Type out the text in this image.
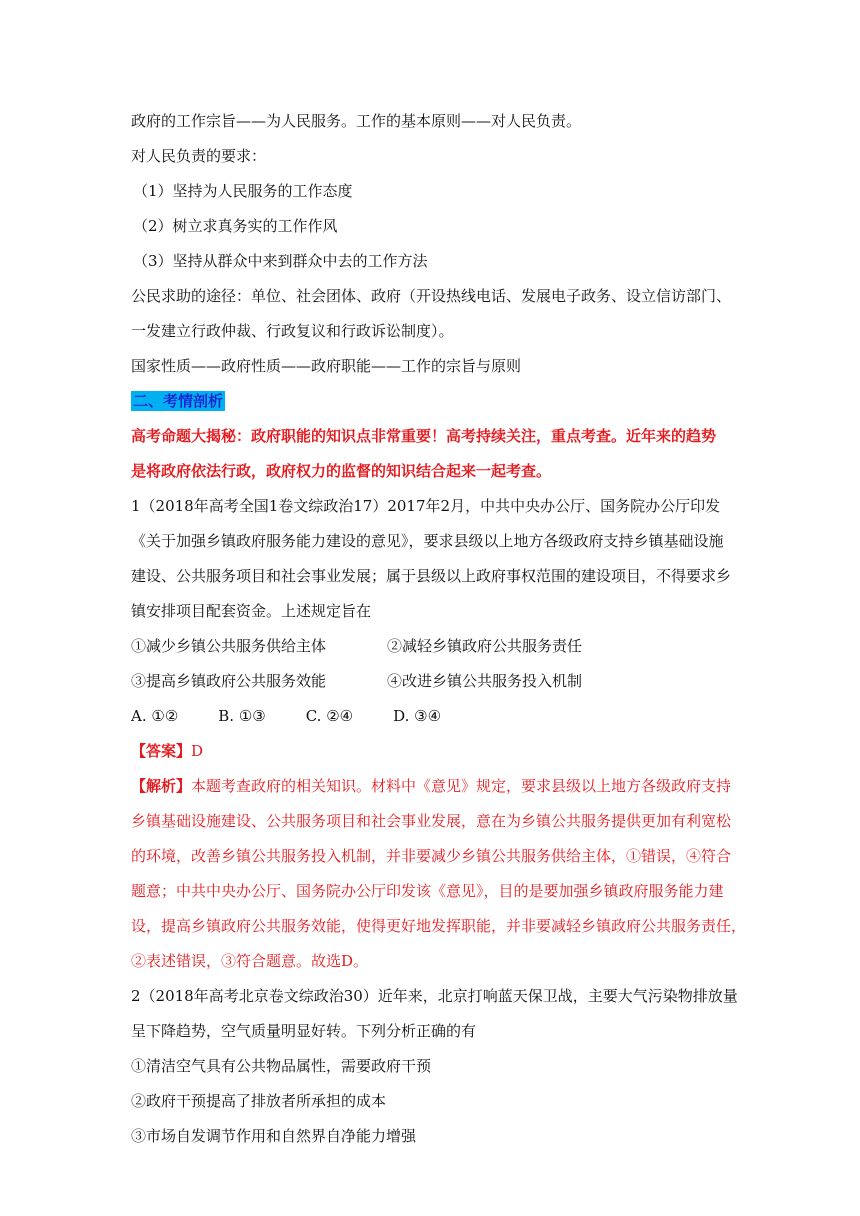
政府的工作宗旨——为人民服务。工作的基本原则——对人民负责。
对人民负责的要求：
（1）坚持为人民服务的工作态度
（2）树立求真务实的工作作风
（3）坚持从群众中来到群众中去的工作方法
公民求助的途径：单位、社会团体、政府（开设热线电话、发展电子政务、设立信访部门、
一发建立行政仲裁、行政复议和行政诉讼制度）。
国家性质——政府性质——政府职能——工作的宗旨与原则
二、考情剖析
高考命题大揭秘：政府职能的知识点非常重要！高考持续关注，重点考查。近年来的趋势
是将政府依法行政，政府权力的监督的知识结合起来一起考查。
1（2018年高考全国1卷文综政治17）2017年2月，中共中央办公厅、国务院办公厅印发
《关于加强乡镇政府服务能力建设的意见》，要求县级以上地方各级政府支持乡镇基础设施
建设、公共服务项目和社会事业发展；属于县级以上政府事权范围的建设项目，不得要求乡
镇安排项目配套资金。上述规定旨在
①减少乡镇公共服务供给主体	②减轻乡镇政府公共服务责任
③提高乡镇政府公共服务效能	④改进乡镇公共服务投入机制
A. ①②	B. ①③	C. ②④	D. ③④
【答案】D
【解析】本题考查政府的相关知识。材料中《意见》规定，要求县级以上地方各级政府支持
乡镇基础设施建设、公共服务项目和社会事业发展，意在为乡镇公共服务提供更加有利宽松
的环境，改善乡镇公共服务投入机制，并非要减少乡镇公共服务供给主体，①错误，④符合
题意；中共中央办公厅、国务院办公厅印发该《意见》，目的是要加强乡镇政府服务能力建
设，提高乡镇政府公共服务效能，使得更好地发挥职能，并非要减轻乡镇政府公共服务责任，
②表述错误，③符合题意。故选D。
2（2018年高考北京卷文综政治30）近年来，北京打响蓝天保卫战，主要大气污染物排放量
呈下降趋势，空气质量明显好转。下列分析正确的有
①清洁空气具有公共物品属性，需要政府干预
②政府干预提高了排放者所承担的成本
③市场自发调节作用和自然界自净能力增强
